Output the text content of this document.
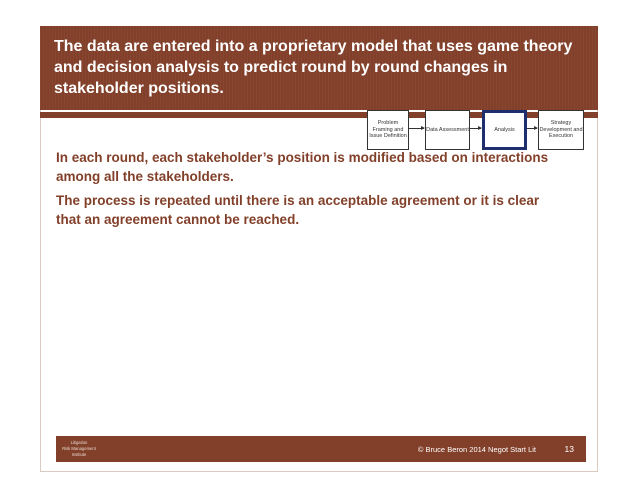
The data are entered into a proprietary model that uses game theory and decision analysis to predict round by round changes in stakeholder positions.
Problem Framing and Issue Definition
Data Assessment	Analysis
Strategy Development and Execution
In each round, each stakeholder’s position is modified based on interactions among all the stakeholders.
The process is repeated until there is an acceptable agreement or it is clear that an agreement cannot be reached.
Litigation
Risk Management
Institute
© Bruce Beron 2014 Negot Start Lit	13
